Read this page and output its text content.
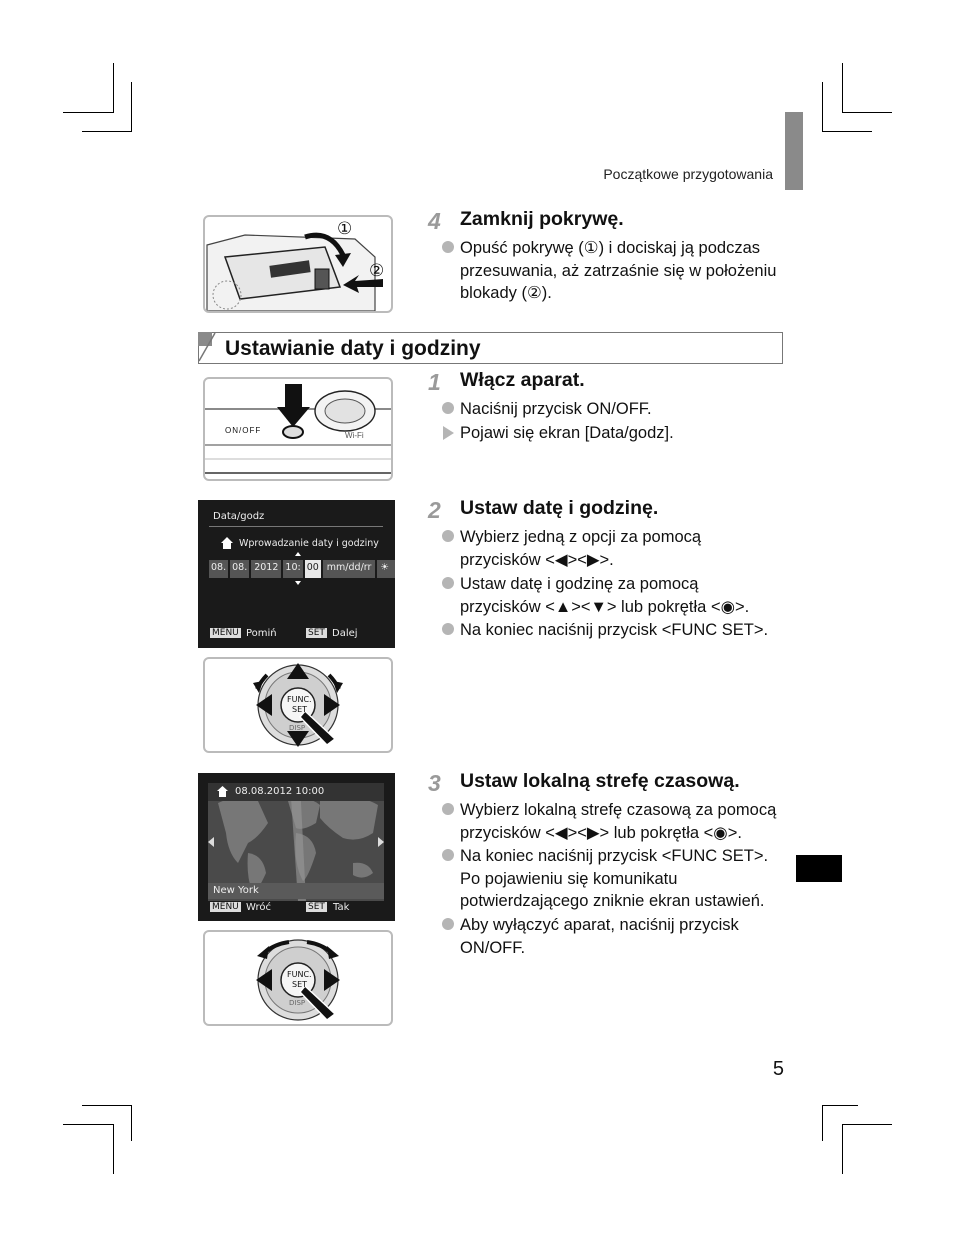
Początkowe przygotowania
①
②
4 Zamknij pokrywę.
Opuść pokrywę (①) i dociskaj ją podczas
przesuwania, aż zatrzaśnie się w położeniu
blokady (②).
Ustawianie daty i godziny
ON/OFF
Wi-Fi
1 Włącz aparat.
Naciśnij przycisk ON/OFF.
Pojawi się ekran [Data/godz].
Data/godz
Wprowadzanie daty i godziny
08. 08. 2012 10: 00 mm/dd/rr ☀
MENU Pomiń	SET Dalej
FUNC.
SET
DISP
2 Ustaw datę i godzinę.
Wybierz jedną z opcji za pomocą
przycisków <◀><▶>.
Ustaw datę i godzinę za pomocą
przycisków <▲><▼> lub pokrętła <◉>.
Na koniec naciśnij przycisk <FUNC SET>.
08.08.2012 10:00
New York
MENU Wróć	SET Tak
FUNC.
SET
DISP
3 Ustaw lokalną strefę czasową.
Wybierz lokalną strefę czasową za pomocą
przycisków <◀><▶> lub pokrętła <◉>.
Na koniec naciśnij przycisk <FUNC SET>.
Po pojawieniu się komunikatu
potwierdzającego zniknie ekran ustawień.
Aby wyłączyć aparat, naciśnij przycisk
ON/OFF.
5
